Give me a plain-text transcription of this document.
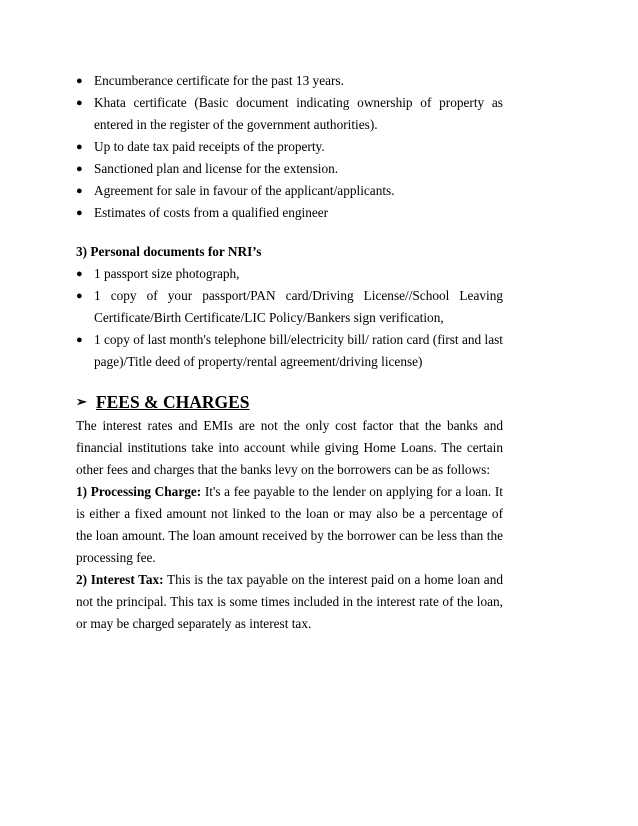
● Encumberance certificate for the past 13 years.
● Khata certificate (Basic document indicating ownership of property as entered in the register of the government authorities).
● Up to date tax paid receipts of the property.
● Sanctioned plan and license for the extension.
● Agreement for sale in favour of the applicant/applicants.
● Estimates of costs from a qualified engineer
3) Personal documents for NRI’s
● 1 passport size photograph,
● 1 copy of your passport/PAN card/Driving License//School Leaving Certificate/Birth Certificate/LIC Policy/Bankers sign verification,
● 1 copy of last month's telephone bill/electricity bill/ ration card (first and last page)/Title deed of property/rental agreement/driving license)
➢ FEES & CHARGES

The interest rates and EMIs are not the only cost factor that the banks and financial institutions take into account while giving Home Loans. The certain other fees and charges that the banks levy on the borrowers can be as follows:

1) Processing Charge: It's a fee payable to the lender on applying for a loan. It is either a fixed amount not linked to the loan or may also be a percentage of the loan amount. The loan amount received by the borrower can be less than the processing fee.

2) Interest Tax: This is the tax payable on the interest paid on a home loan and not the principal. This tax is some times included in the interest rate of the loan, or may be charged separately as interest tax.
